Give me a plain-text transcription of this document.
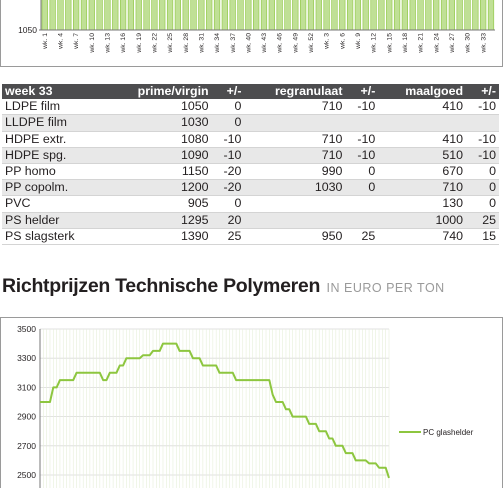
1050
wk. 1 wk. 4 wk. 7 wk. 10 wk. 13 wk. 16 wk. 19 wk. 22 wk. 25 wk. 28 wk. 31 wk. 34 wk. 37 wk. 40 wk. 43 wk. 46 wk. 49 wk. 52 wk. 3 wk. 6 wk. 9 wk. 12 wk. 15 wk. 18 wk. 21 wk. 24 wk. 27 wk. 30 wk. 33
week 33	prime/virgin	+/-	regranulaat	+/-	maalgoed	+/-
LDPE film	1050	0	710	-10	410	-10
LLDPE film	1030	0				
HDPE extr.	1080	-10	710	-10	410	-10
HDPE spg.	1090	-10	710	-10	510	-10
PP homo	1150	-20	990	0	670	0
PP copolm.	1200	-20	1030	0	710	0
PVC	905	0			130	0
PS helder	1295	20			1000	25
PS slagsterk	1390	25	950	25	740	15
Richtprijzen Technische Polymeren IN EURO PER TON
2500
2700
2900
3100
3300
3500
PC glashelder
